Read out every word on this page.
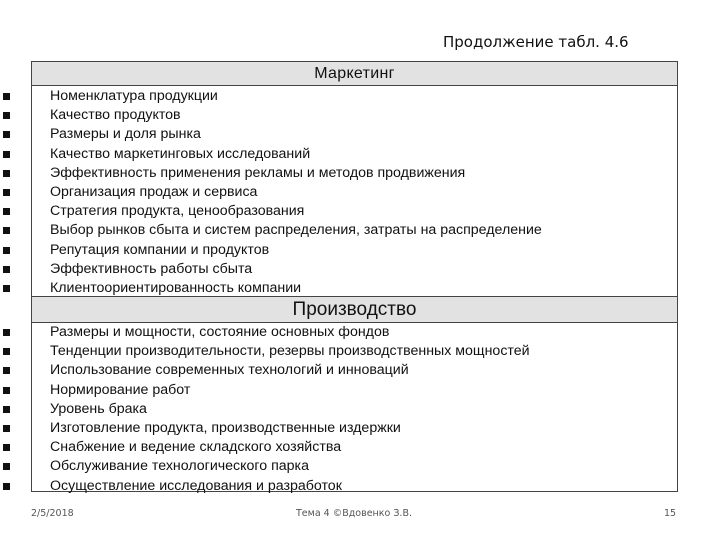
Продолжение табл. 4.6
Маркетинг
Номенклатура продукции
Качество продуктов
Размеры и доля рынка
Качество маркетинговых исследований
Эффективность применения рекламы и методов продвижения
Организация продаж и сервиса
Стратегия продукта, ценообразования
Выбор рынков сбыта и систем распределения, затраты на распределение
Репутация компании и продуктов
Эффективность работы сбыта
Клиентоориентированность компании
Производство
Размеры и мощности, состояние основных фондов
Тенденции производительности, резервы производственных мощностей
Использование современных технологий и инноваций
Нормирование работ
Уровень брака
Изготовление продукта, производственные издержки
Снабжение и ведение складского хозяйства
Обслуживание технологического парка
Осуществление исследования и разработок
2/5/2018	Тема 4 ©Вдовенко З.В.	15
